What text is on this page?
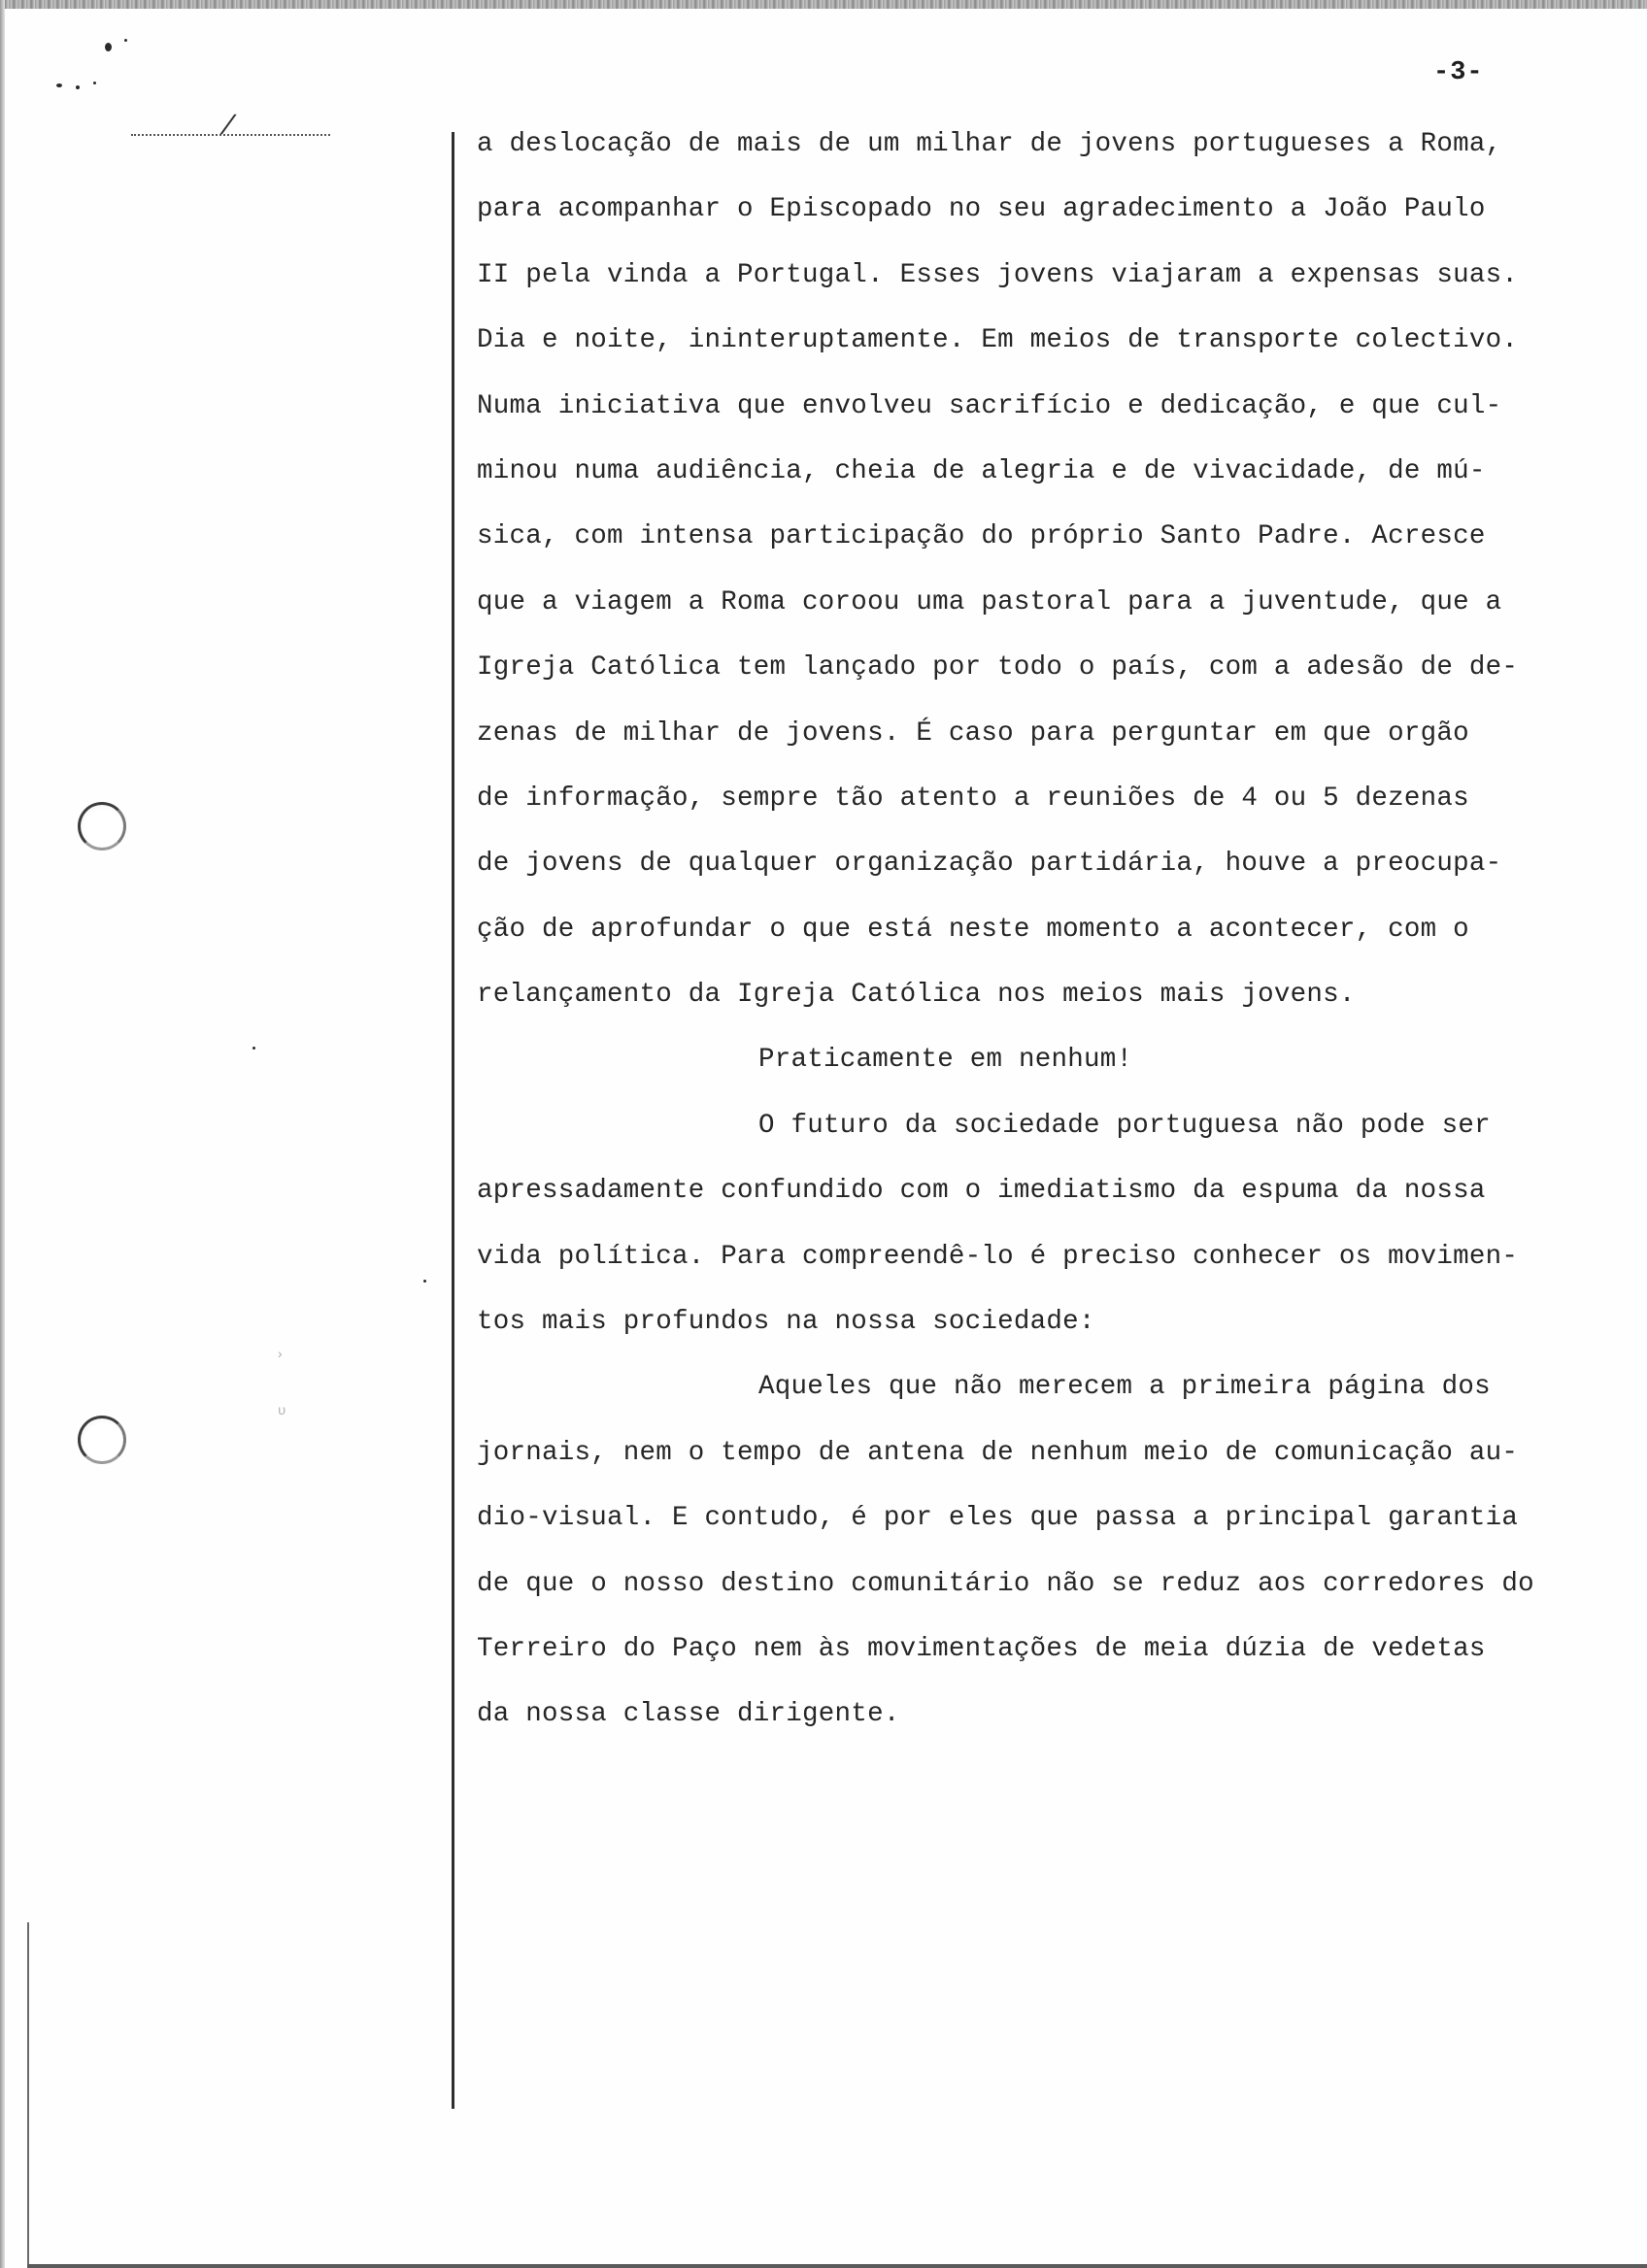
/
›
ʋ
-3-
a deslocação de mais de um milhar de jovens portugueses a Roma,
para acompanhar o Episcopado no seu agradecimento a João Paulo
II pela vinda a Portugal. Esses jovens viajaram a expensas suas.
Dia e noite, ininteruptamente. Em meios de transporte colectivo.
Numa iniciativa que envolveu sacrifício e dedicação, e que cul-
minou numa audiência, cheia de alegria e de vivacidade, de mú-
sica, com intensa participação do próprio Santo Padre. Acresce
que a viagem a Roma coroou uma pastoral para a juventude, que a
Igreja Católica tem lançado por todo o país, com a adesão de de-
zenas de milhar de jovens. É caso para perguntar em que orgão
de informação, sempre tão atento a reuniões de 4 ou 5 dezenas
de jovens de qualquer organização partidária, houve a preocupa-
ção de aprofundar o que está neste momento a acontecer, com o
relançamento da Igreja Católica nos meios mais jovens.
Praticamente em nenhum!
O futuro da sociedade portuguesa não pode ser
apressadamente confundido com o imediatismo da espuma da nossa
vida política. Para compreendê-lo é preciso conhecer os movimen-
tos mais profundos na nossa sociedade:
Aqueles que não merecem a primeira página dos
jornais, nem o tempo de antena de nenhum meio de comunicação au-
dio-visual. E contudo, é por eles que passa a principal garantia
de que o nosso destino comunitário não se reduz aos corredores do
Terreiro do Paço nem às movimentações de meia dúzia de vedetas
da nossa classe dirigente.
